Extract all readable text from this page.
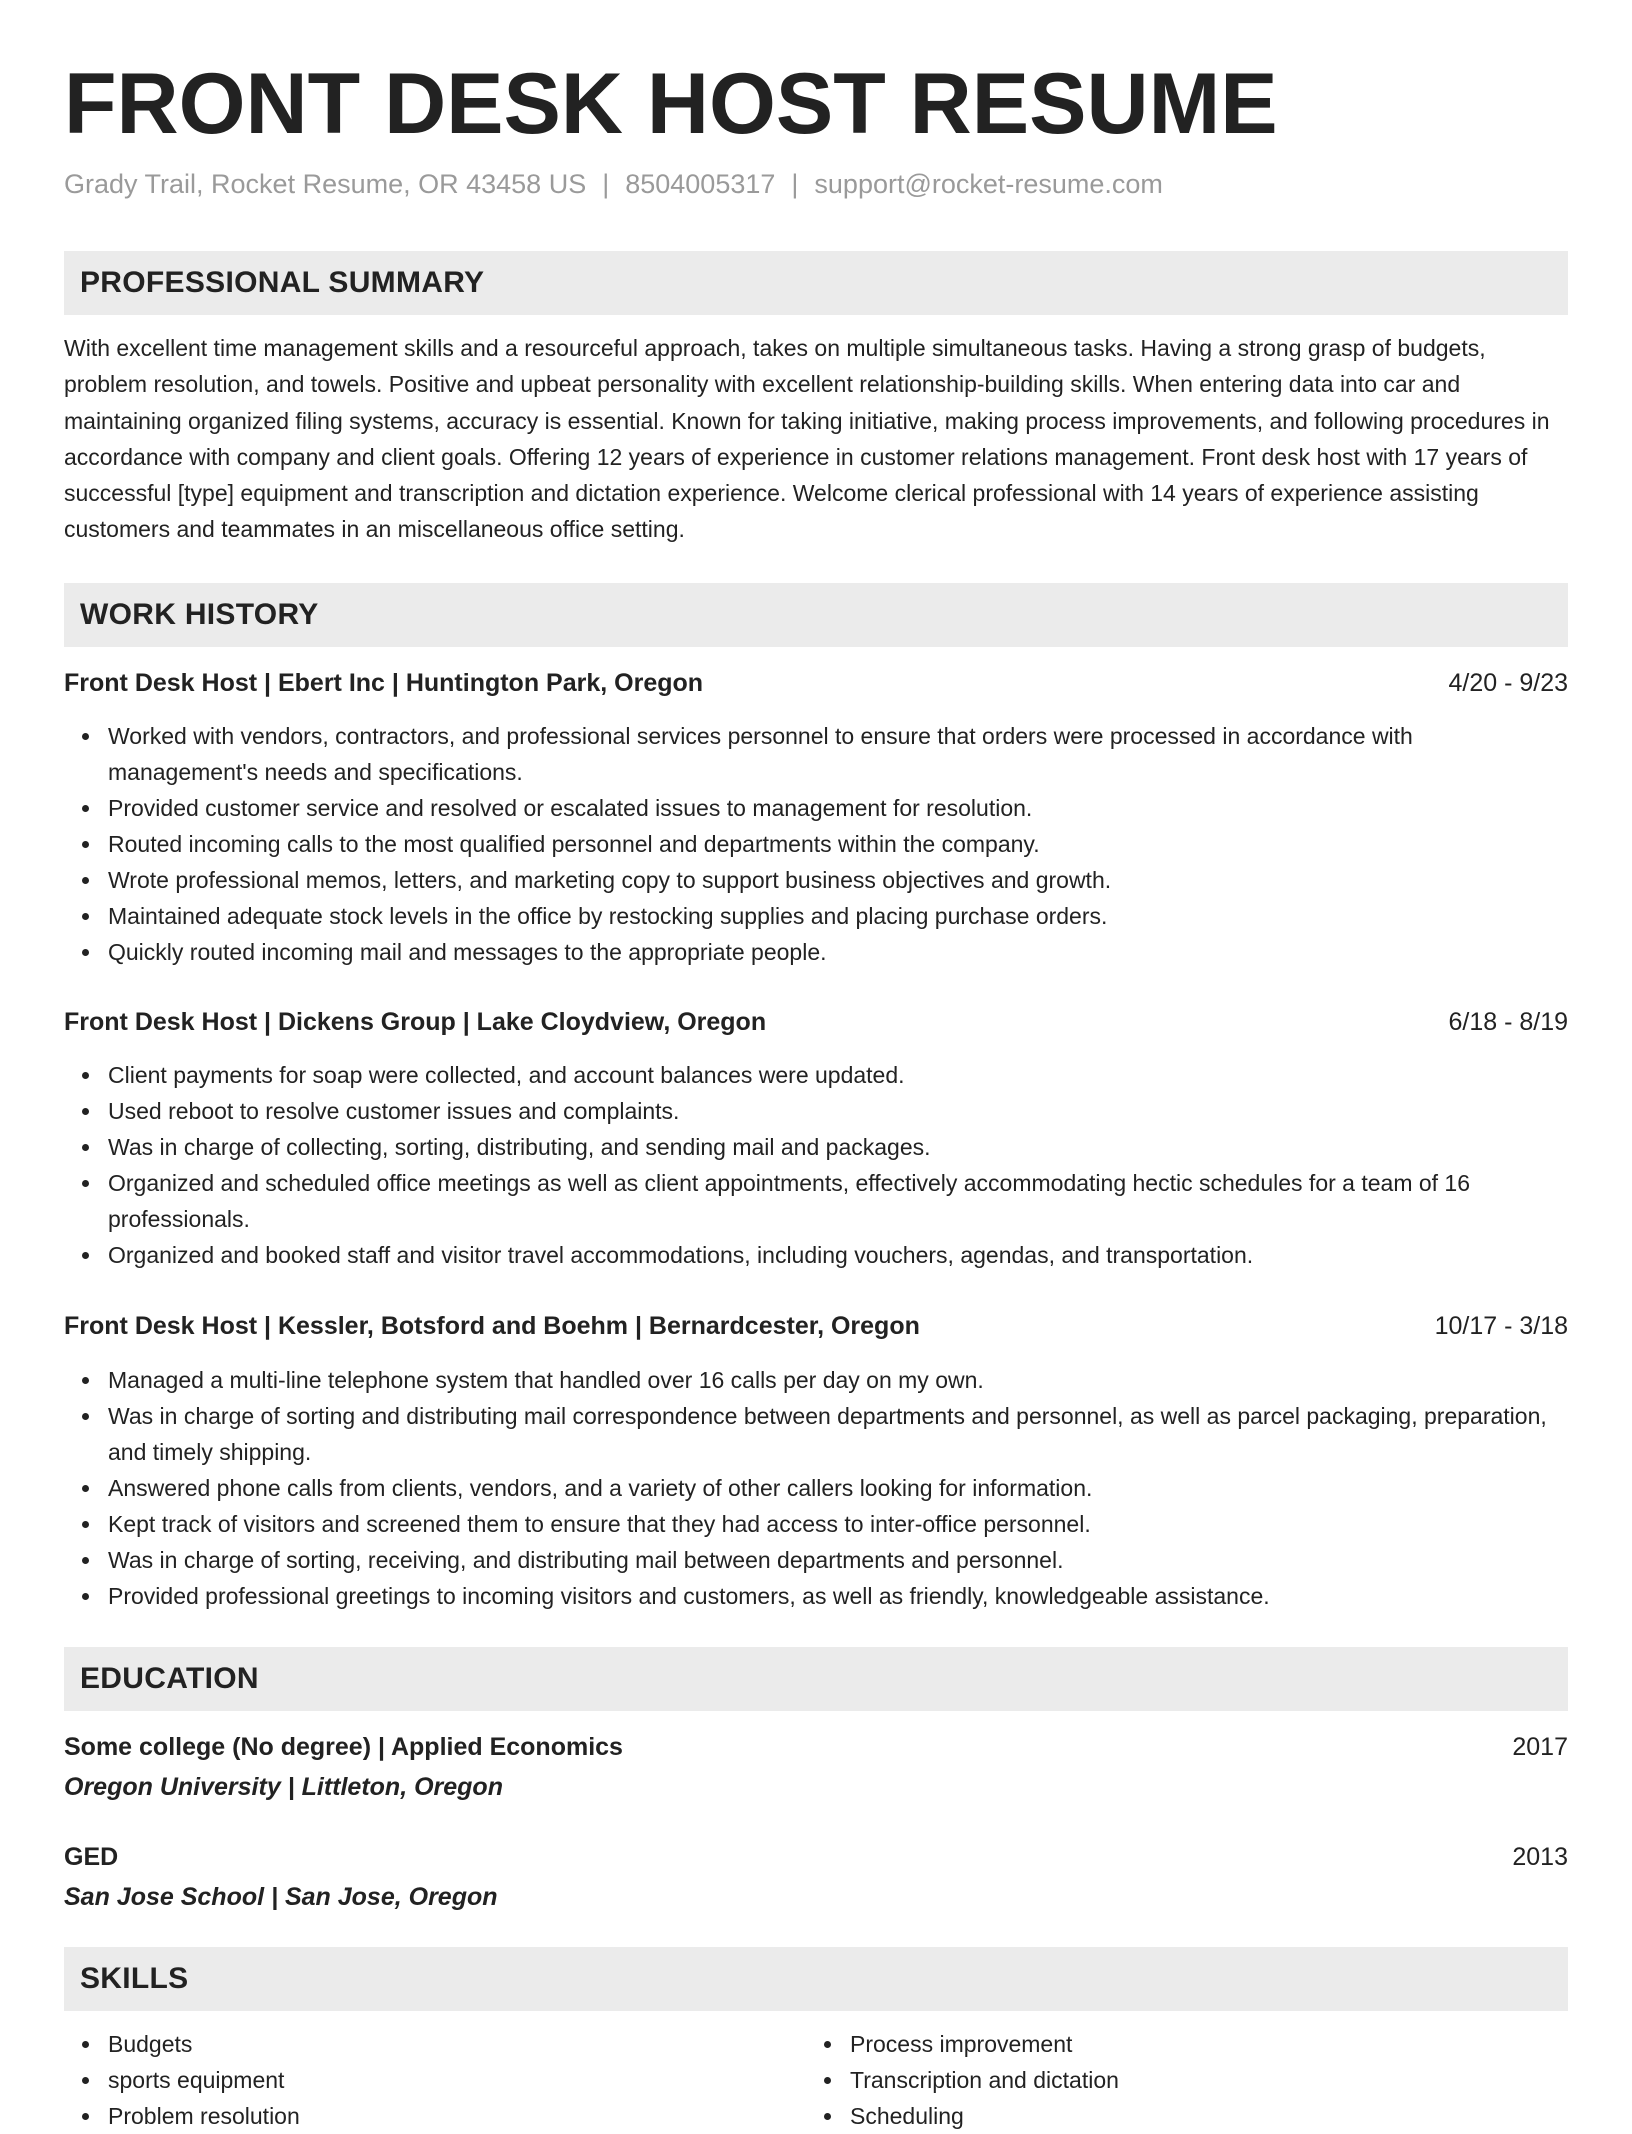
FRONT DESK HOST RESUME
Grady Trail, Rocket Resume, OR 43458 US | 8504005317 | support@rocket-resume.com
PROFESSIONAL SUMMARY

With excellent time management skills and a resourceful approach, takes on multiple simultaneous tasks. Having a strong grasp of budgets, problem resolution, and towels. Positive and upbeat personality with excellent relationship-building skills. When entering data into car and maintaining organized filing systems, accuracy is essential. Known for taking initiative, making process improvements, and following procedures in accordance with company and client goals. Offering 12 years of experience in customer relations management. Front desk host with 17 years of successful [type] equipment and transcription and dictation experience. Welcome clerical professional with 14 years of experience assisting customers and teammates in an miscellaneous office setting.

WORK HISTORY
Front Desk Host | Ebert Inc | Huntington Park, Oregon	4/20 - 9/23
Worked with vendors, contractors, and professional services personnel to ensure that orders were processed in accordance with management's needs and specifications.
Provided customer service and resolved or escalated issues to management for resolution.
Routed incoming calls to the most qualified personnel and departments within the company.
Wrote professional memos, letters, and marketing copy to support business objectives and growth.
Maintained adequate stock levels in the office by restocking supplies and placing purchase orders.
Quickly routed incoming mail and messages to the appropriate people.
Front Desk Host | Dickens Group | Lake Cloydview, Oregon	6/18 - 8/19
Client payments for soap were collected, and account balances were updated.
Used reboot to resolve customer issues and complaints.
Was in charge of collecting, sorting, distributing, and sending mail and packages.
Organized and scheduled office meetings as well as client appointments, effectively accommodating hectic schedules for a team of 16 professionals.
Organized and booked staff and visitor travel accommodations, including vouchers, agendas, and transportation.
Front Desk Host | Kessler, Botsford and Boehm | Bernardcester, Oregon	10/17 - 3/18
Managed a multi-line telephone system that handled over 16 calls per day on my own.
Was in charge of sorting and distributing mail correspondence between departments and personnel, as well as parcel packaging, preparation, and timely shipping.
Answered phone calls from clients, vendors, and a variety of other callers looking for information.
Kept track of visitors and screened them to ensure that they had access to inter-office personnel.
Was in charge of sorting, receiving, and distributing mail between departments and personnel.
Provided professional greetings to incoming visitors and customers, as well as friendly, knowledgeable assistance.
EDUCATION
Some college (No degree) | Applied Economics	2017
Oregon University | Littleton, Oregon
GED	2013
San Jose School | San Jose, Oregon
SKILLS
Budgets
sports equipment
Problem resolution
Process improvement
Transcription and dictation
Scheduling
